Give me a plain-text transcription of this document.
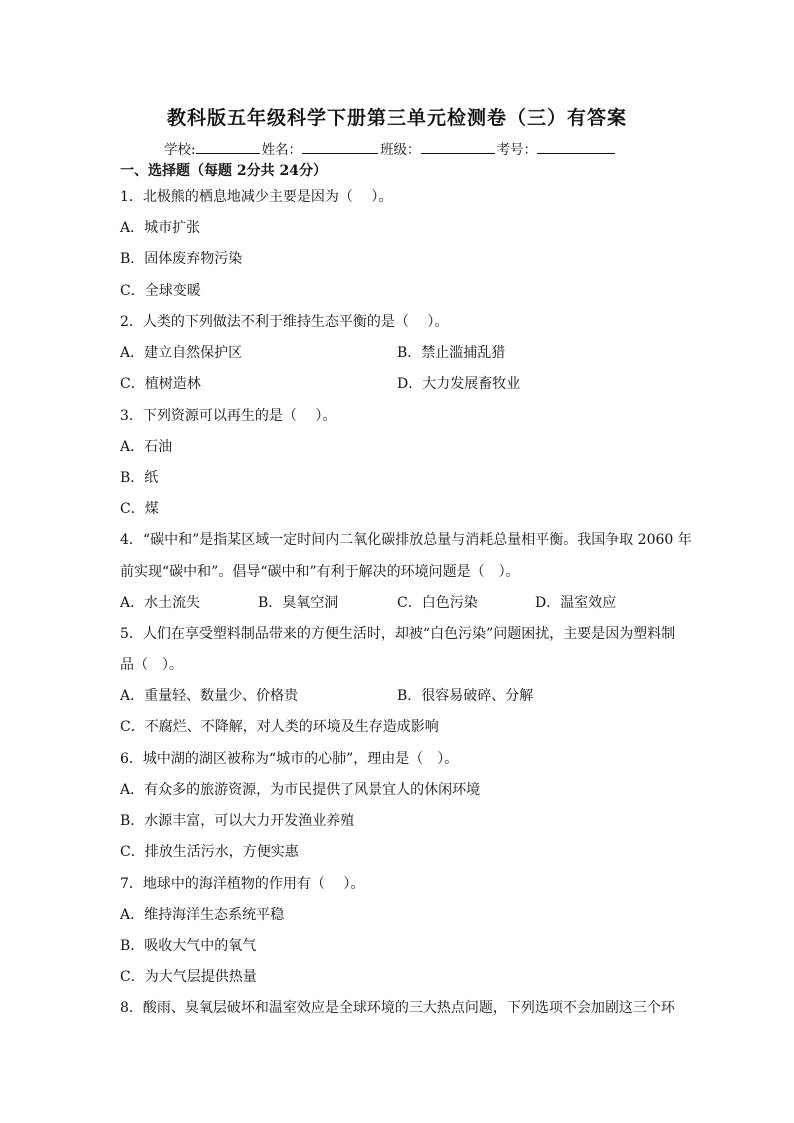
教科版五年级科学下册第三单元检测卷（三）有答案
学校:	姓名：	班级：	考号：
一、选择题（每题 2分共 24分）
1．北极熊的栖息地减少主要是因为（　 ）。
A．城市扩张
B．固体废弃物污染
C．全球变暖
2．人类的下列做法不利于维持生态平衡的是（　 ）。
A．建立自然保护区	B．禁止滥捕乱猎
C．植树造林	D．大力发展畜牧业
3．下列资源可以再生的是（　 ）。
A．石油
B．纸
C．煤
4．“碳中和”是指某区域一定时间内二氧化碳排放总量与消耗总量相平衡。我国争取 2060 年
前实现“碳中和”。倡导“碳中和”有利于解决的环境问题是（　）。
A．水土流失	B．臭氧空洞	C．白色污染	D．温室效应
5．人们在享受塑料制品带来的方便生活时，却被“白色污染”问题困扰，主要是因为塑料制
品（　）。
A．重量轻、数量少、价格贵	B．很容易破碎、分解
C．不腐烂、不降解，对人类的环境及生存造成影响
6．城中湖的湖区被称为“城市的心肺”，理由是（　）。
A．有众多的旅游资源，为市民提供了风景宜人的休闲环境
B．水源丰富，可以大力开发渔业养殖
C．排放生活污水，方便实惠
7．地球中的海洋植物的作用有（　 ）。
A．维持海洋生态系统平稳
B．吸收大气中的氧气
C．为大气层提供热量
8．酸雨、臭氧层破坏和温室效应是全球环境的三大热点问题，下列选项不会加剧这三个环
